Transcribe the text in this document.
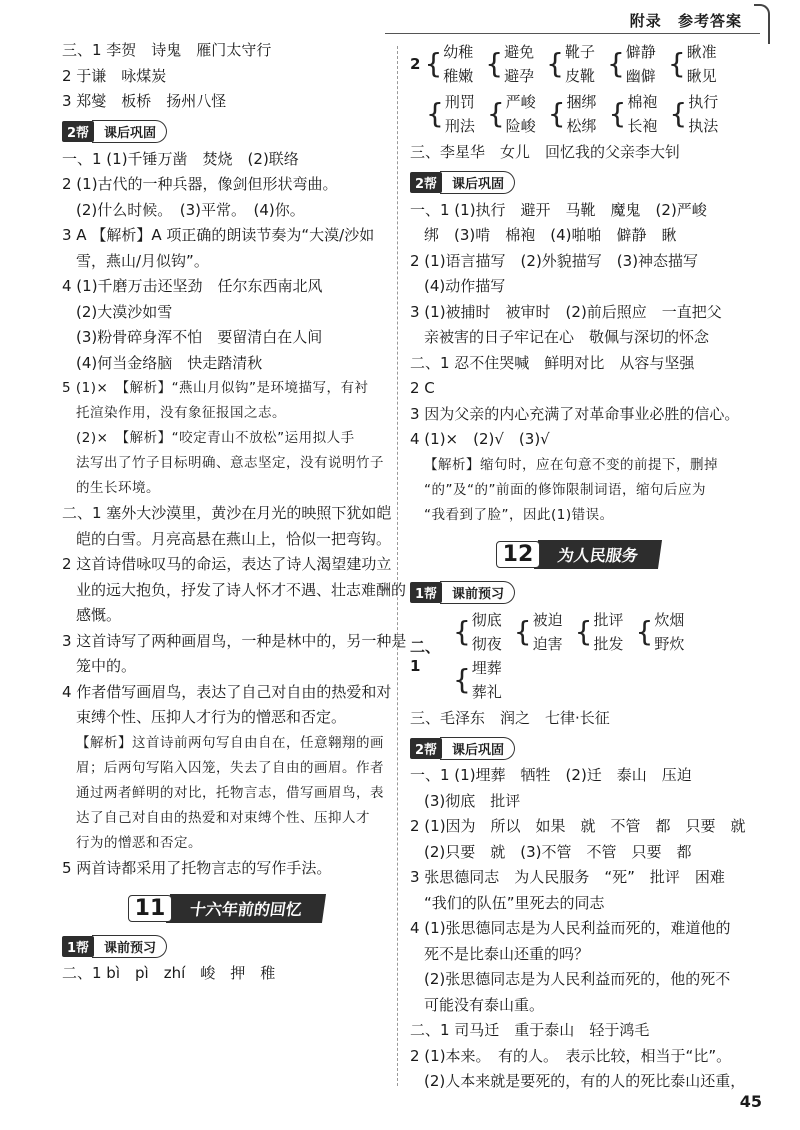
附录 参考答案
三、1 李贺　诗鬼　雁门太守行
2 于谦　咏煤炭
3 郑燮　板桥　扬州八怪
2帮	课后巩固
一、1 (1)千锤万凿　焚烧　(2)联络
2 (1)古代的一种兵器，像剑但形状弯曲。
(2)什么时候。　(3)平常。　(4)你。
3 A 【解析】A 项正确的朗读节奏为“大漠/沙如
雪，燕山/月似钩”。
4 (1)千磨万击还坚劲　任尔东西南北风
(2)大漠沙如雪
(3)粉骨碎身浑不怕　要留清白在人间
(4)何当金络脑　快走踏清秋
5 (1)×　【解析】“燕山月似钩”是环境描写，有衬
托渲染作用，没有象征报国之志。
(2)×　【解析】“咬定青山不放松”运用拟人手
法写出了竹子目标明确、意志坚定，没有说明竹子
的生长环境。
二、1 塞外大沙漠里，黄沙在月光的映照下犹如皑
皑的白雪。月亮高悬在燕山上，恰似一把弯钩。
2 这首诗借咏叹马的命运，表达了诗人渴望建功立
业的远大抱负，抒发了诗人怀才不遇、壮志难酬的
感慨。
3 这首诗写了两种画眉鸟，一种是林中的，另一种是
笼中的。
4 作者借写画眉鸟，表达了自己对自由的热爱和对
束缚个性、压抑人才行为的憎恶和否定。
【解析】这首诗前两句写自由自在，任意翱翔的画
眉；后两句写陷入囚笼，失去了自由的画眉。作者
通过两者鲜明的对比，托物言志，借写画眉鸟，表
达了自己对自由的热爱和对束缚个性、压抑人才
行为的憎恶和否定。
5 两首诗都采用了托物言志的写作手法。
11	十六年前的回忆
1帮	课前预习
二、1 bì　pì　zhí　峻　押　稚
2 { 幼稚
稚嫩 { 避免
避孕 { 靴子
皮靴 { 僻静
幽僻 { 瞅准
瞅见
{ 刑罚
刑法 { 严峻
险峻 { 捆绑
松绑 { 棉袍
长袍 { 执行
执法
三、李星华　女儿　回忆我的父亲李大钊
2帮	课后巩固
一、1 (1)执行　避开　马靴　魔鬼　(2)严峻
绑　(3)啃　棉袍　(4)啪啪　僻静　瞅
2 (1)语言描写　(2)外貌描写　(3)神态描写
(4)动作描写
3 (1)被捕时　被审时　(2)前后照应　一直把父
亲被害的日子牢记在心　敬佩与深切的怀念
二、1 忍不住哭喊　鲜明对比　从容与坚强
2 C
3 因为父亲的内心充满了对革命事业必胜的信心。
4 (1)×　(2)√　(3)√
【解析】缩句时，应在句意不变的前提下，删掉
“的”及“的”前面的修饰限制词语，缩句后应为
“我看到了脸”，因此(1)错误。
12	为人民服务
1帮	课前预习
二、1
{ 彻底
彻夜 { 被迫
迫害 { 批评
批发 { 炊烟
野炊
{ 埋葬
葬礼
三、毛泽东　润之　七律·长征
2帮	课后巩固
一、1 (1)埋葬　牺牲　(2)迁　泰山　压迫
(3)彻底　批评
2 (1)因为　所以　如果　就　不管　都　只要　就
(2)只要　就　(3)不管　不管　只要　都
3 张思德同志　为人民服务　“死”　批评　困难
“我们的队伍”里死去的同志
4 (1)张思德同志是为人民利益而死的，难道他的
死不是比泰山还重的吗？
(2)张思德同志是为人民利益而死的，他的死不
可能没有泰山重。
二、1 司马迁　重于泰山　轻于鸿毛
2 (1)本来。　有的人。　表示比较，相当于“比”。
(2)人本来就是要死的，有的人的死比泰山还重，
45
